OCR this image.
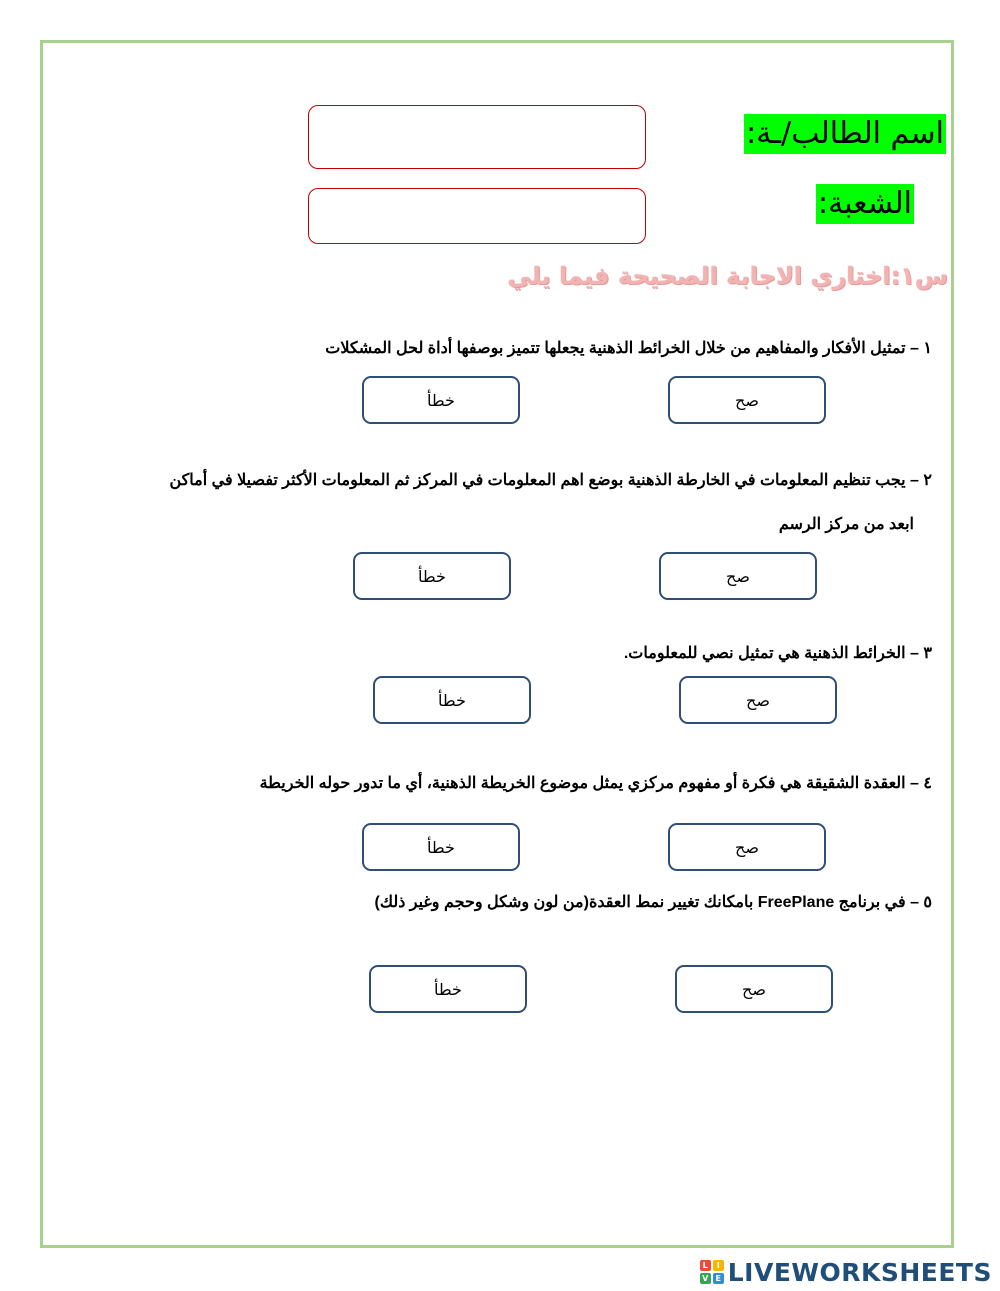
اسم الطالب/ـة:
الشعبة:
س١:اختاري الاجابة الصحيحة فيما يلي
١ – تمثيل الأفكار والمفاهيم من خلال الخرائط الذهنية يجعلها تتميز بوصفها أداة لحل المشكلات
صح
خطأ
٢ – يجب تنظيم المعلومات في الخارطة الذهنية بوضع اهم المعلومات في المركز ثم المعلومات الأكثر تفصيلا في أماكن
ابعد من مركز الرسم
صح
خطأ
٣ – الخرائط الذهنية هي تمثيل نصي للمعلومات.
صح
خطأ
٤ – العقدة الشقيقة هي فكرة أو مفهوم مركزي يمثل موضوع الخريطة الذهنية، أي ما تدور حوله الخريطة
صح
خطأ
٥ – في برنامج FreePlane بامكانك تغيير نمط العقدة(من لون وشكل وحجم وغير ذلك)
صح
خطأ
L	I
V E LIVEWORKSHEETS
